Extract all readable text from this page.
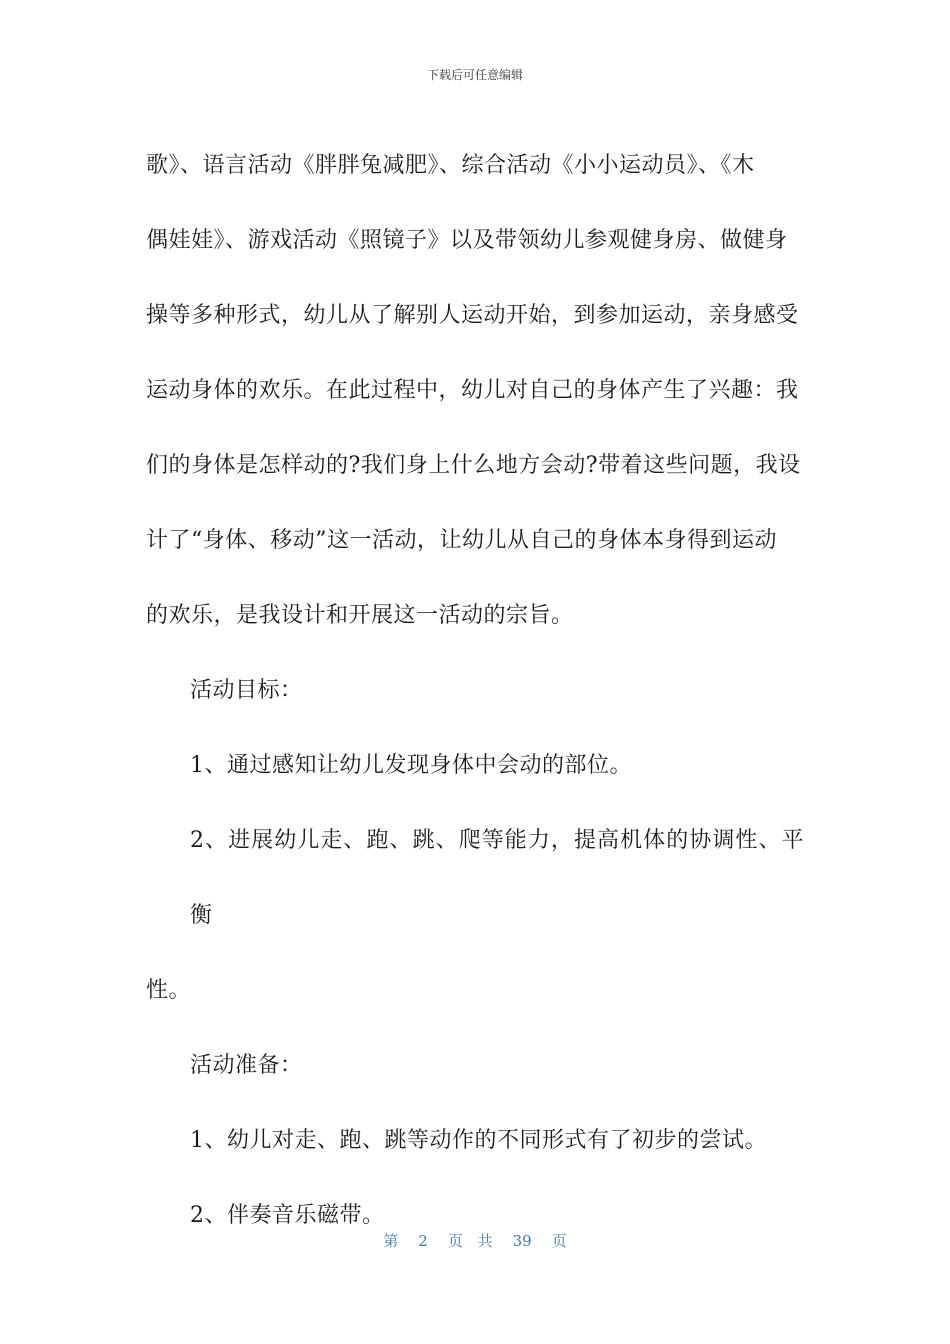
下载后可任意编辑

歌》、语言活动《胖胖兔减肥》、综合活动《小小运动员》、《木

偶娃娃》、游戏活动《照镜子》以及带领幼儿参观健身房、做健身

操等多种形式，幼儿从了解别人运动开始，到参加运动，亲身感受

运动身体的欢乐。在此过程中，幼儿对自己的身体产生了兴趣：我

们的身体是怎样动的?我们身上什么地方会动?带着这些问题，我设

计了“身体、移动”这一活动，让幼儿从自己的身体本身得到运动

的欢乐，是我设计和开展这一活动的宗旨。

活动目标：

1、通过感知让幼儿发现身体中会动的部位。

2、进展幼儿走、跑、跳、爬等能力，提高机体的协调性、平衡

性。

活动准备：

1、幼儿对走、跑、跳等动作的不同形式有了初步的尝试。

2、伴奏音乐磁带。

第 2 页 共 39 页
